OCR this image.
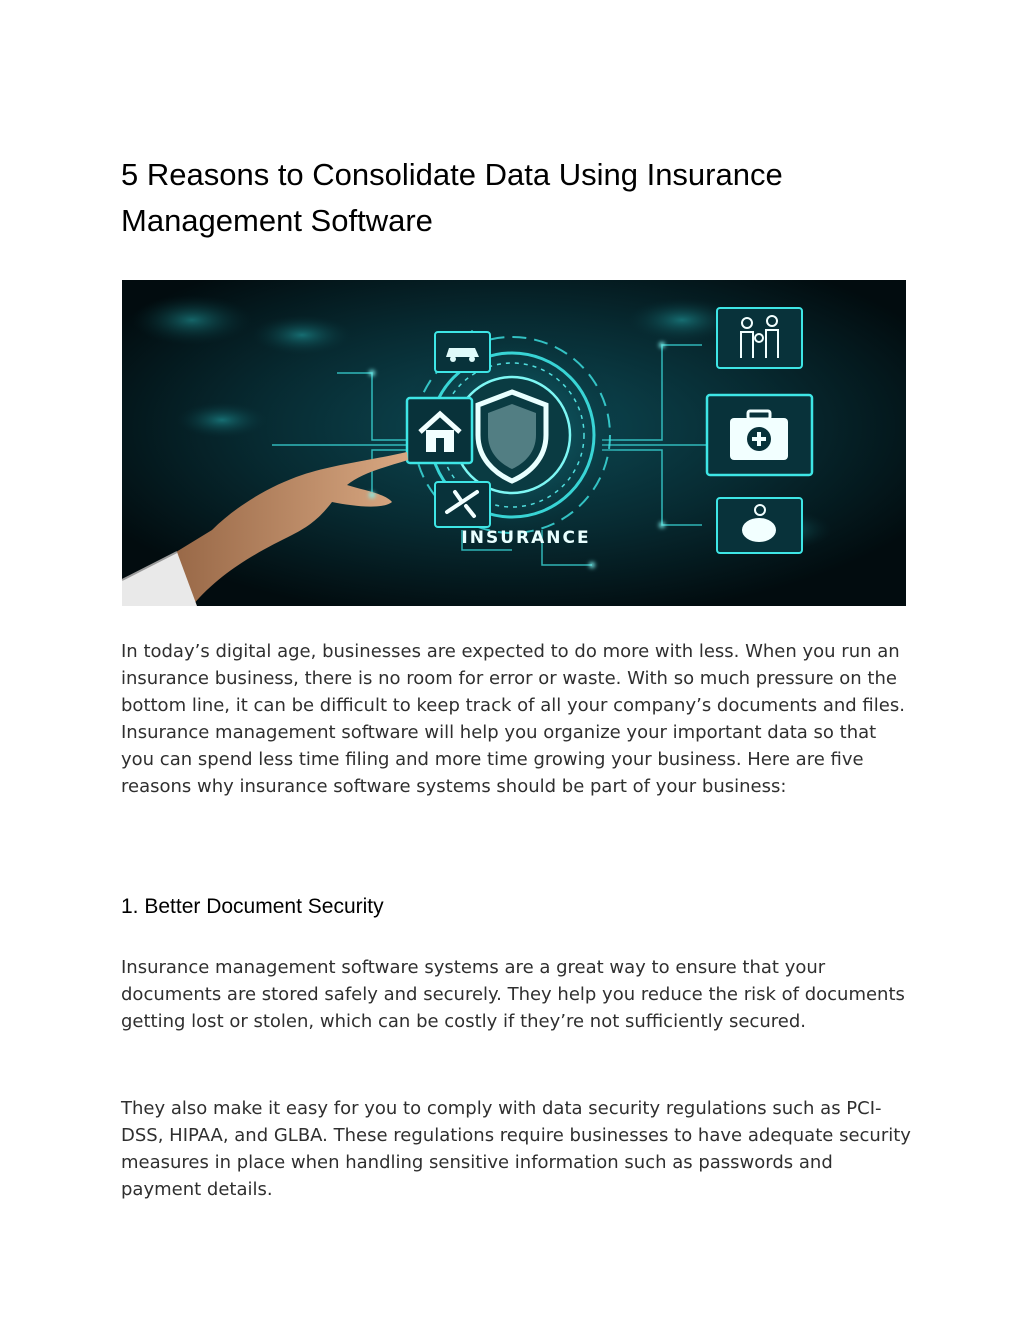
5 Reasons to Consolidate Data Using Insurance Management Software
INSURANCE

In today’s digital age, businesses are expected to do more with less. When you run an insurance business, there is no room for error or waste. With so much pressure on the bottom line, it can be difficult to keep track of all your company’s documents and files. Insurance management software will help you organize your important data so that you can spend less time filing and more time growing your business. Here are five reasons why insurance software systems should be part of your business:

1. Better Document Security

Insurance management software systems are a great way to ensure that your documents are stored safely and securely. They help you reduce the risk of documents getting lost or stolen, which can be costly if they’re not sufficiently secured.

They also make it easy for you to comply with data security regulations such as PCI-DSS, HIPAA, and GLBA. These regulations require businesses to have adequate security measures in place when handling sensitive information such as passwords and payment details.
